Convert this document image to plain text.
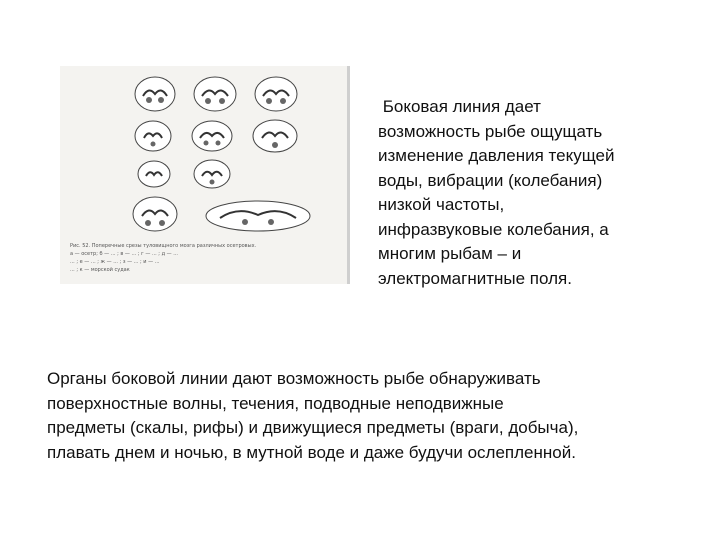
Рис. 52. Поперечные срезы туловищного мозга различных осетровых.
а — осетр; б — ... ; в — ... ; г — ... ; д — ...
... ; е — ... ; ж — ... ; з — ... ; и — ...
... ; к — морской судак
Боковая линия дает
возможность рыбе ощущать
изменение давления текущей
воды, вибрации (колебания)
низкой частоты,
инфразвуковые колебания, а
многим рыбам – и
электромагнитные поля.
Органы боковой линии дают возможность рыбе обнаруживать
поверхностные волны, течения, подводные неподвижные
предметы (скалы, рифы) и движущиеся предметы (враги, добыча),
плавать днем и ночью, в мутной воде и даже будучи ослепленной.
